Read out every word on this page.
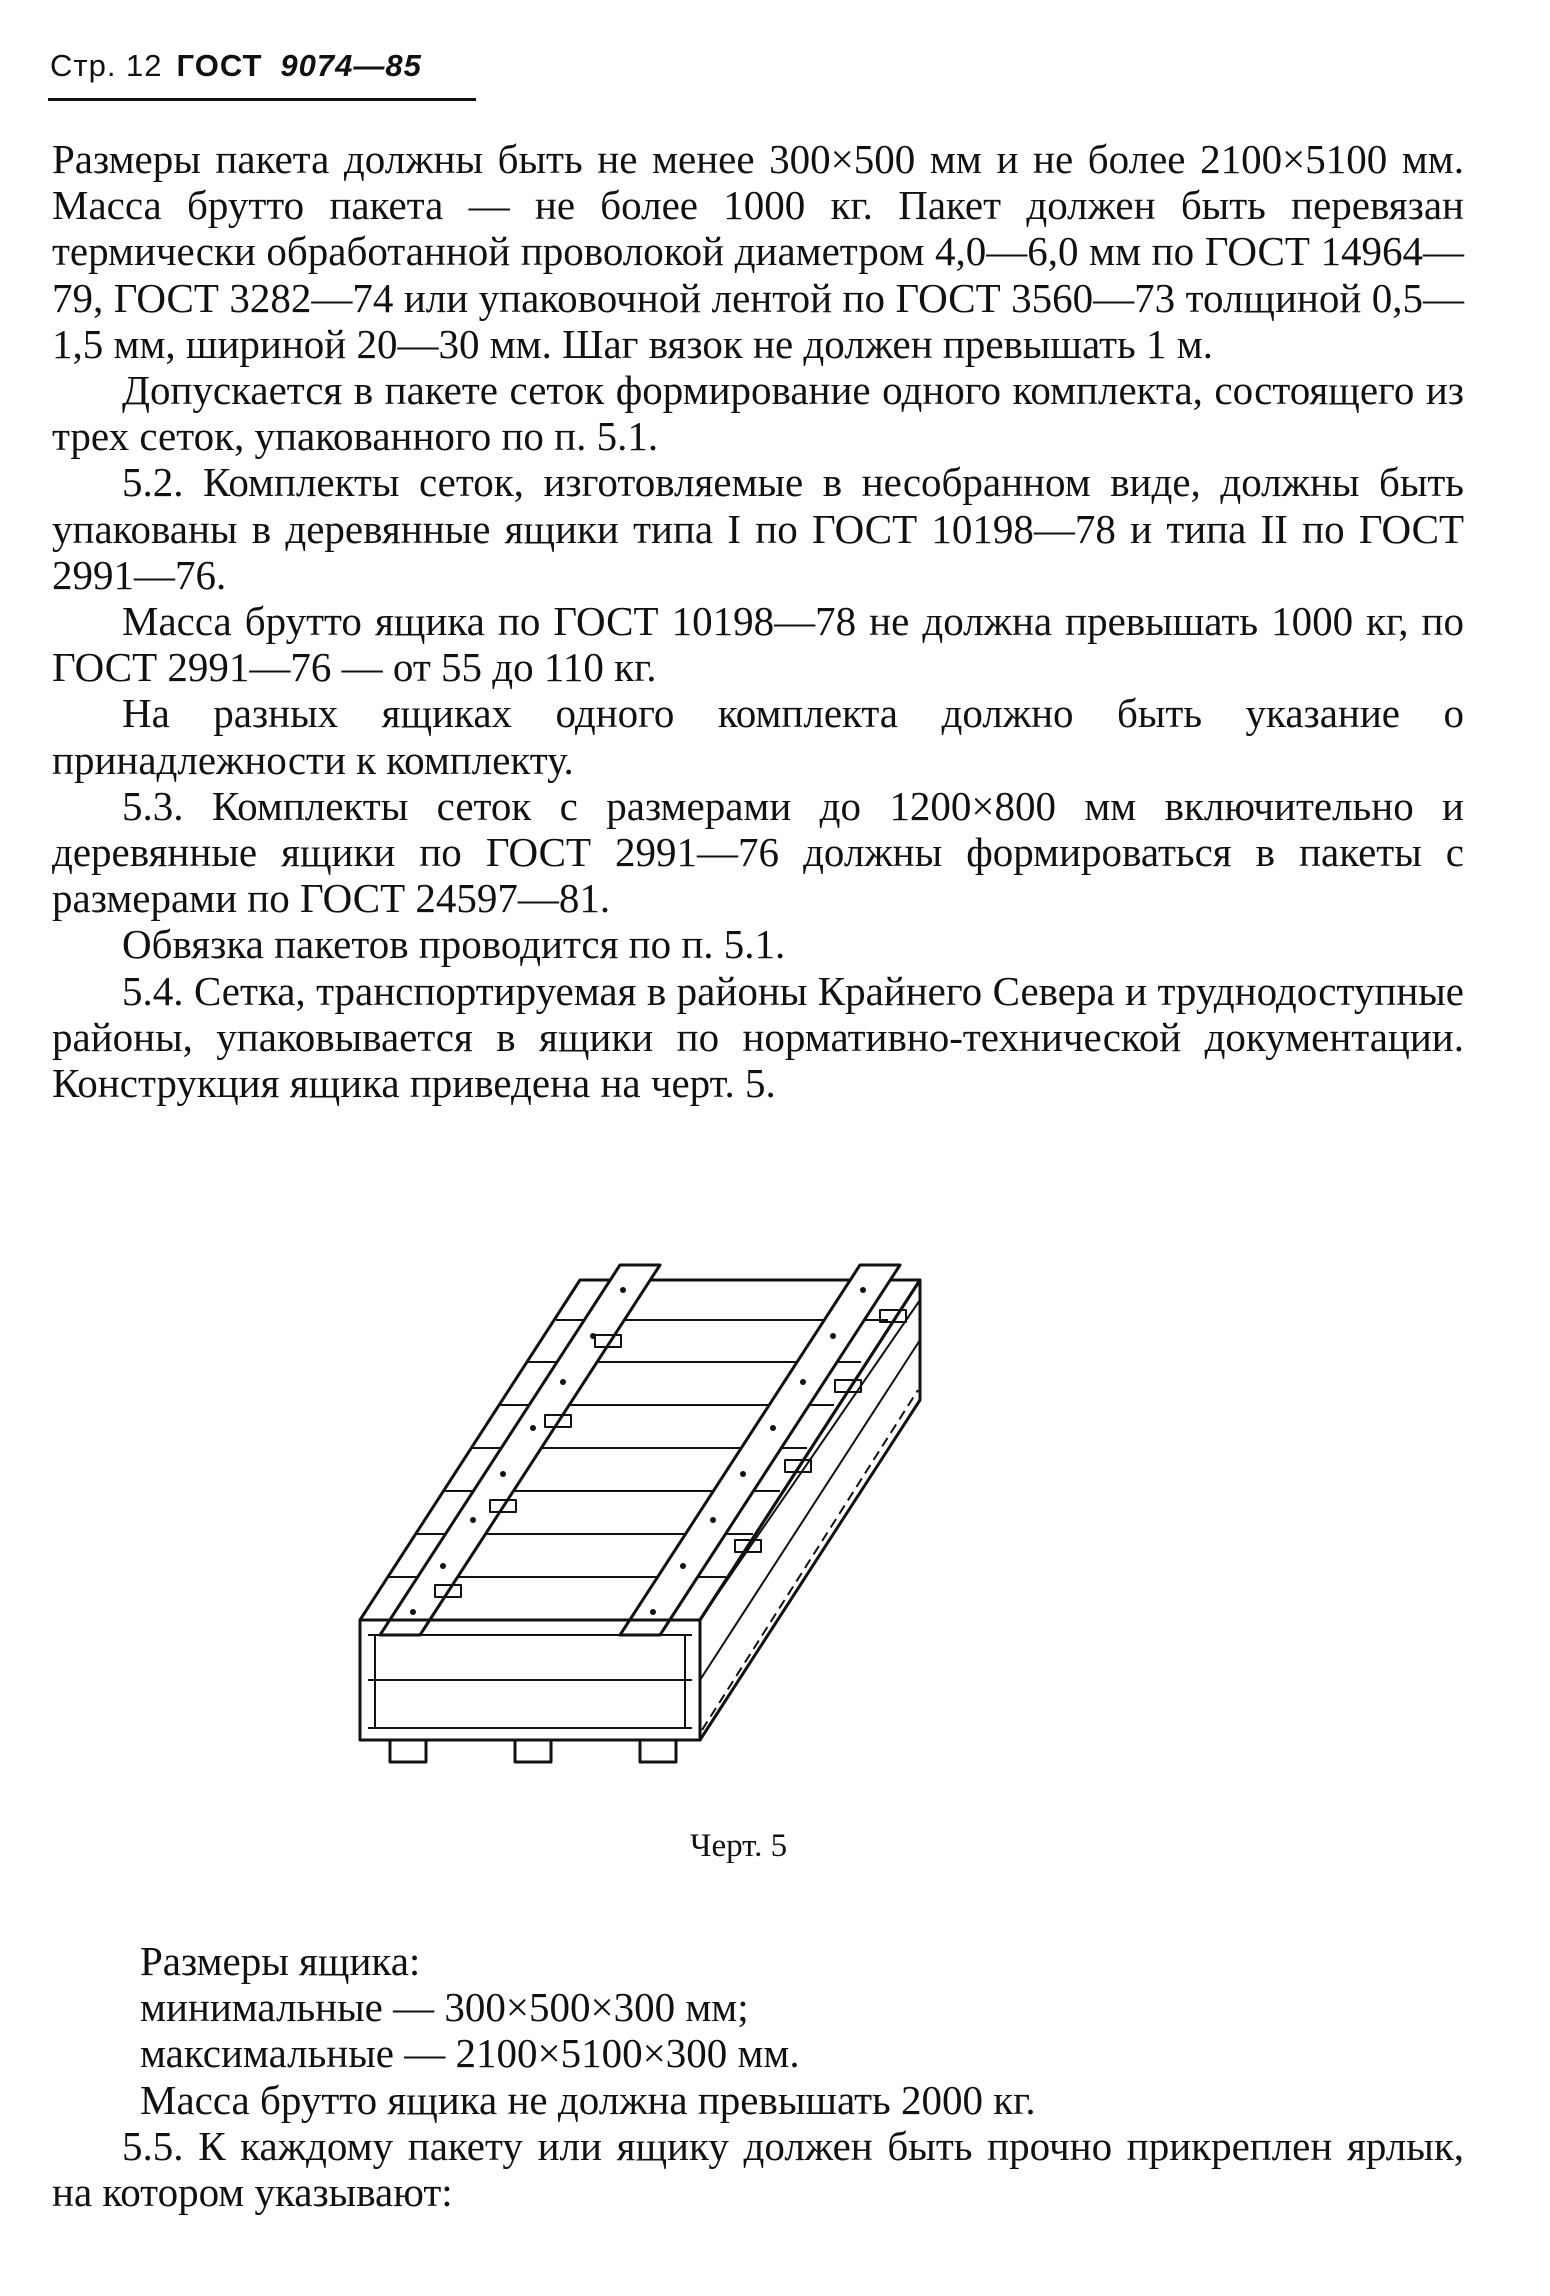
Стр. 12 ГОСТ 9074—85

Размеры пакета должны быть не менее 300×500 мм и не более 2100×5100 мм. Масса брутто пакета — не более 1000 кг. Пакет должен быть перевязан термически обработанной проволокой диаметром 4,0—6,0 мм по ГОСТ 14964—79, ГОСТ 3282—74 или упаковочной лентой по ГОСТ 3560—73 толщиной 0,5—1,5 мм, шириной 20—30 мм. Шаг вязок не должен превышать 1 м.

Допускается в пакете сеток формирование одного комплекта, состоящего из трех сеток, упакованного по п. 5.1.

5.2. Комплекты сеток, изготовляемые в несобранном виде, должны быть упакованы в деревянные ящики типа I по ГОСТ 10198—78 и типа II по ГОСТ 2991—76.

Масса брутто ящика по ГОСТ 10198—78 не должна превышать 1000 кг, по ГОСТ 2991—76 — от 55 до 110 кг.

На разных ящиках одного комплекта должно быть указание о принадлежности к комплекту.

5.3. Комплекты сеток с размерами до 1200×800 мм включительно и деревянные ящики по ГОСТ 2991—76 должны формироваться в пакеты с размерами по ГОСТ 24597—81.

Обвязка пакетов проводится по п. 5.1.

5.4. Сетка, транспортируемая в районы Крайнего Севера и труднодоступные районы, упаковывается в ящики по нормативно-технической документации. Конструкция ящика приведена на черт. 5.

Черт. 5

Размеры ящика:

минимальные — 300×500×300 мм;

максимальные — 2100×5100×300 мм.

Масса брутто ящика не должна превышать 2000 кг.

5.5. К каждому пакету или ящику должен быть прочно прикреплен ярлык, на котором указывают:
